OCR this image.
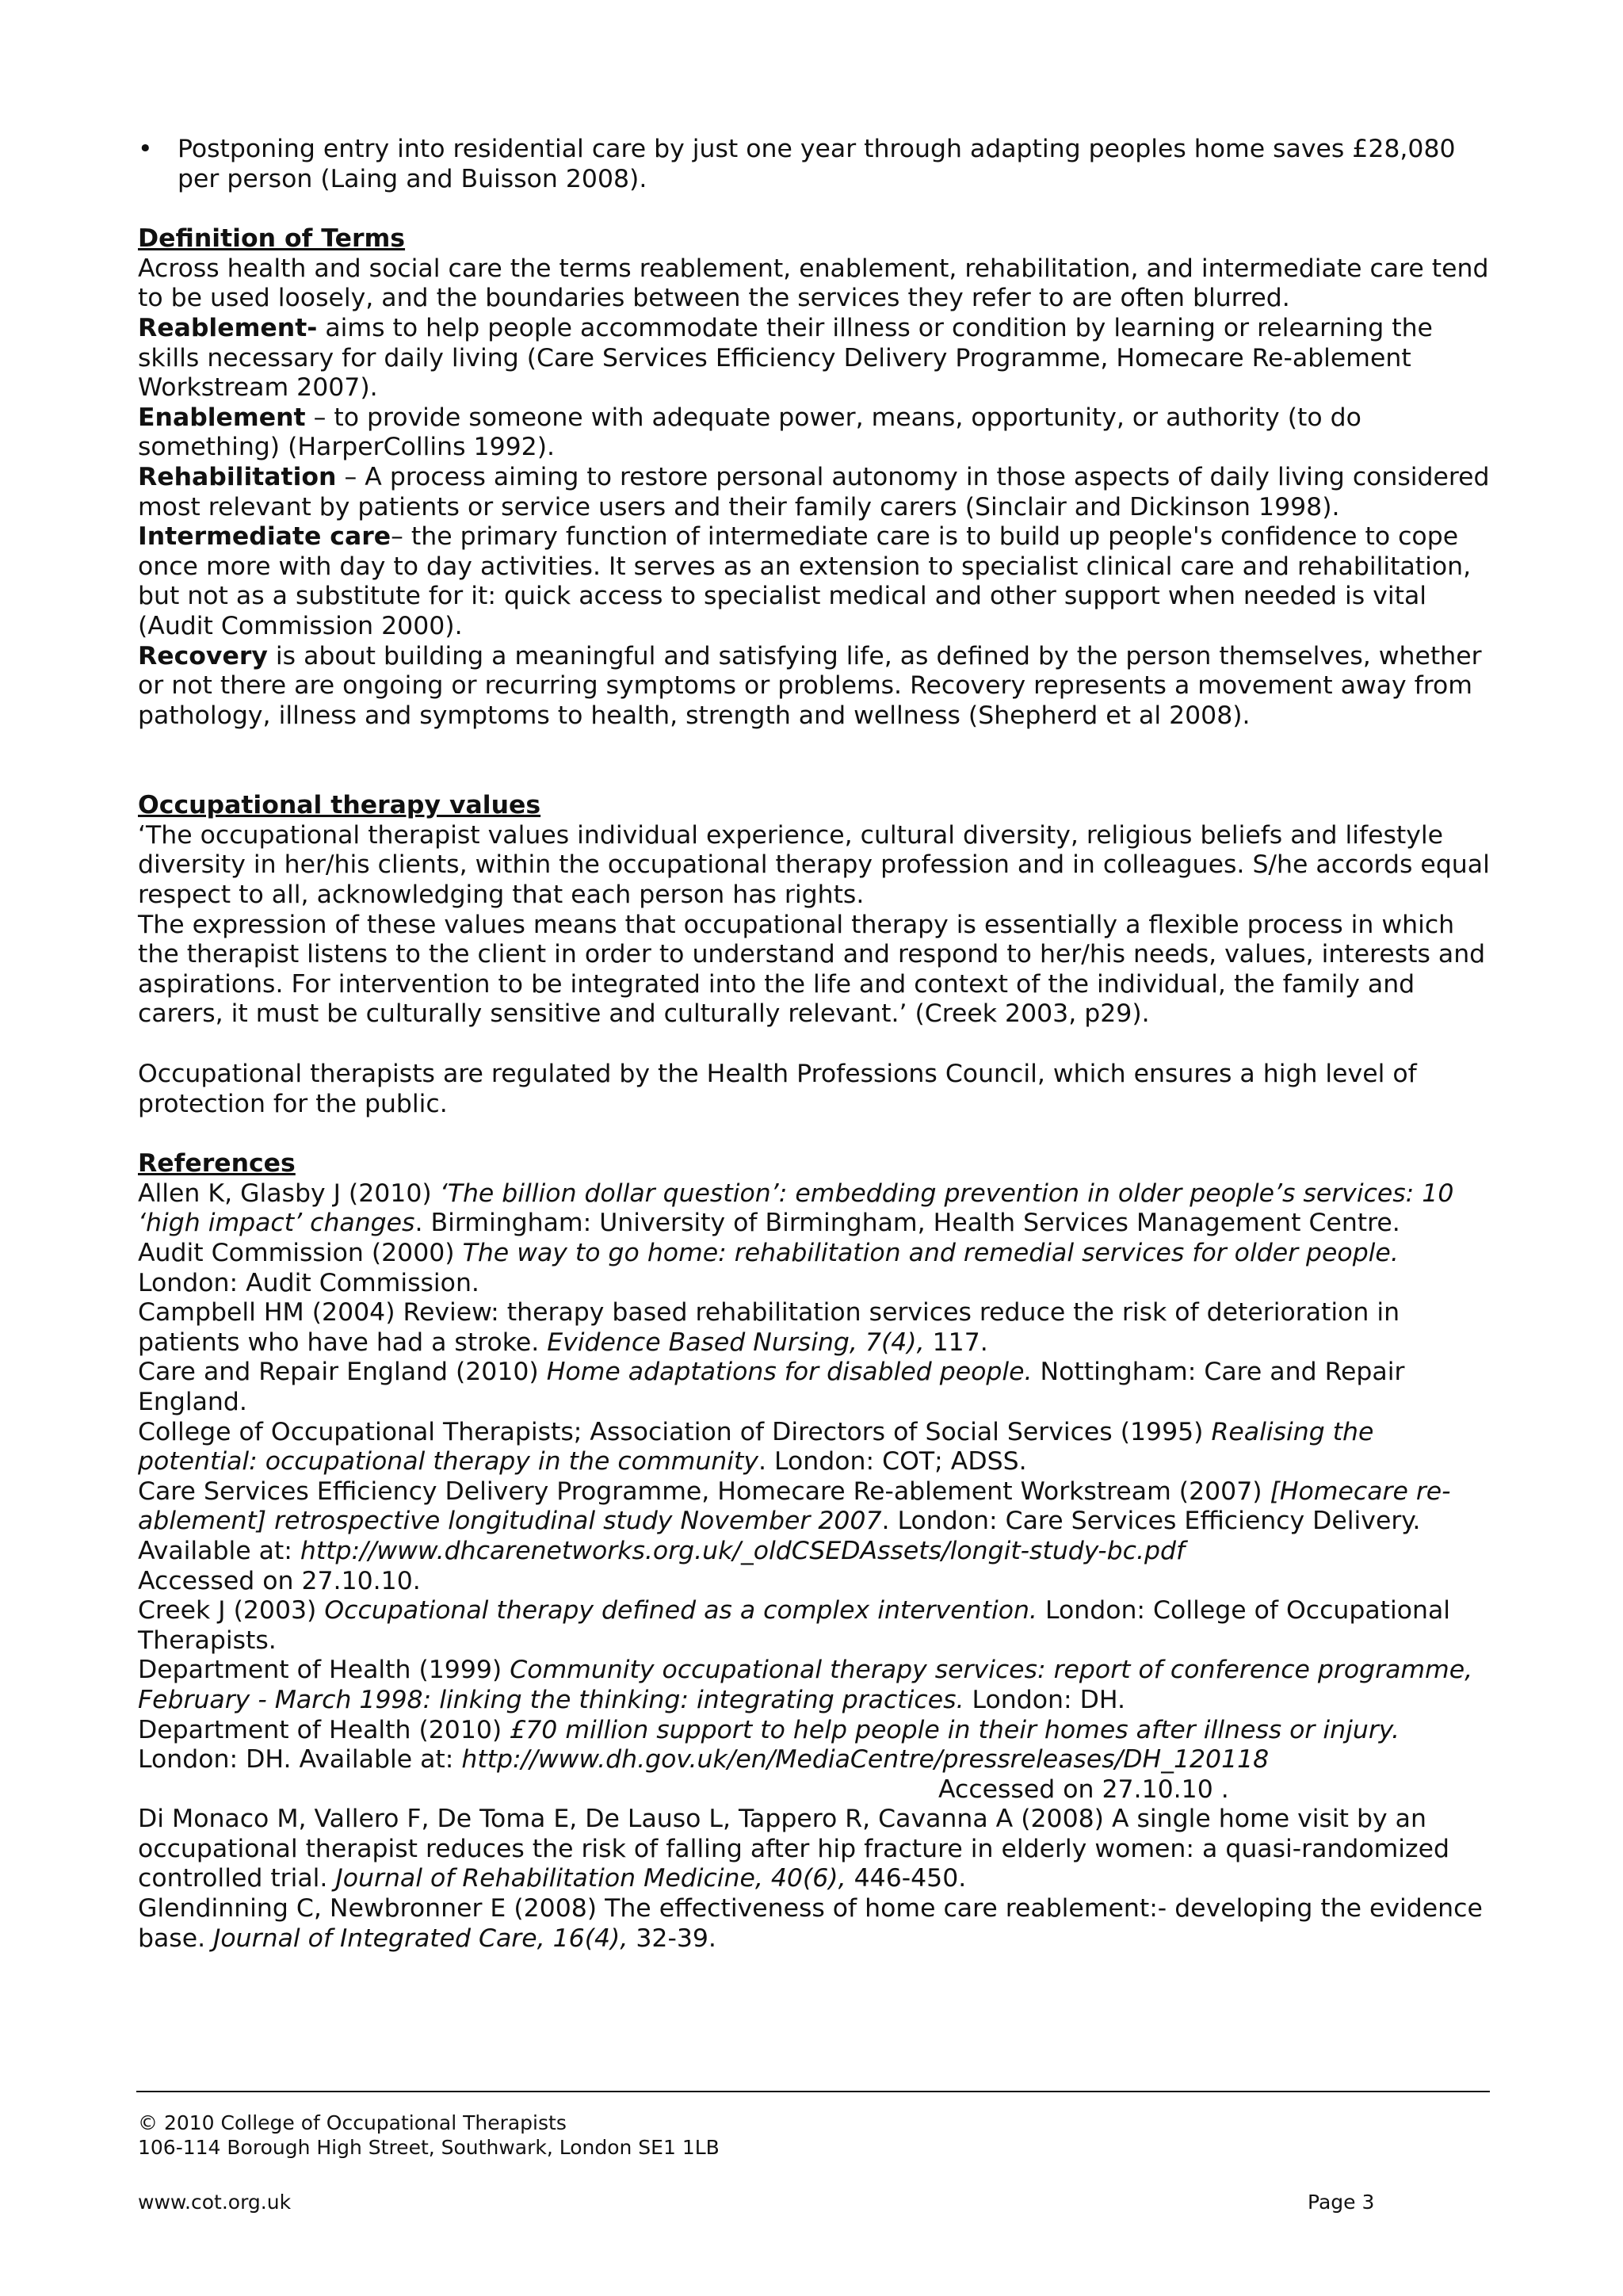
• Postponing entry into residential care by just one year through adapting peoples home saves £28,080 per person (Laing and Buisson 2008).
Definition of Terms

Across health and social care the terms reablement, enablement, rehabilitation, and intermediate care tend to be used loosely, and the boundaries between the services they refer to are often blurred.

Reablement- aims to help people accommodate their illness or condition by learning or relearning the skills necessary for daily living (Care Services Efficiency Delivery Programme, Homecare Re-ablement Workstream 2007).

Enablement – to provide someone with adequate power, means, opportunity, or authority (to do something) (HarperCollins 1992).

Rehabilitation – A process aiming to restore personal autonomy in those aspects of daily living considered most relevant by patients or service users and their family carers (Sinclair and Dickinson 1998).

Intermediate care– the primary function of intermediate care is to build up people's confidence to cope once more with day to day activities. It serves as an extension to specialist clinical care and rehabilitation, but not as a substitute for it: quick access to specialist medical and other support when needed is vital (Audit Commission 2000).

Recovery is about building a meaningful and satisfying life, as defined by the person themselves, whether or not there are ongoing or recurring symptoms or problems. Recovery represents a movement away from pathology, illness and symptoms to health, strength and wellness (Shepherd et al 2008).

Occupational therapy values

‘The occupational therapist values individual experience, cultural diversity, religious beliefs and lifestyle diversity in her/his clients, within the occupational therapy profession and in colleagues. S/he accords equal respect to all, acknowledging that each person has rights.

The expression of these values means that occupational therapy is essentially a flexible process in which the therapist listens to the client in order to understand and respond to her/his needs, values, interests and aspirations. For intervention to be integrated into the life and context of the individual, the family and carers, it must be culturally sensitive and culturally relevant.’ (Creek 2003, p29).

Occupational therapists are regulated by the Health Professions Council, which ensures a high level of protection for the public.

References

Allen K, Glasby J (2010) ‘The billion dollar question’: embedding prevention in older people’s services: 10 ‘high impact’ changes. Birmingham: University of Birmingham, Health Services Management Centre.

Audit Commission (2000) The way to go home: rehabilitation and remedial services for older people. London: Audit Commission.

Campbell HM (2004) Review: therapy based rehabilitation services reduce the risk of deterioration in patients who have had a stroke. Evidence Based Nursing, 7(4), 117.

Care and Repair England (2010) Home adaptations for disabled people. Nottingham: Care and Repair England.

College of Occupational Therapists; Association of Directors of Social Services (1995) Realising the potential: occupational therapy in the community. London: COT; ADSS.

Care Services Efficiency Delivery Programme, Homecare Re-ablement Workstream (2007) [Homecare re-ablement] retrospective longitudinal study November 2007. London: Care Services Efficiency Delivery.

Available at: http://www.dhcarenetworks.org.uk/_oldCSEDAssets/longit-study-bc.pdf

Accessed on 27.10.10.

Creek J (2003) Occupational therapy defined as a complex intervention. London: College of Occupational Therapists.

Department of Health (1999) Community occupational therapy services: report of conference programme, February - March 1998: linking the thinking: integrating practices. London: DH.

Department of Health (2010) £70 million support to help people in their homes after illness or injury.

London: DH. Available at: http://www.dh.gov.uk/en/MediaCentre/pressreleases/DH_120118

Accessed on 27.10.10 .

Di Monaco M, Vallero F, De Toma E, De Lauso L, Tappero R, Cavanna A (2008) A single home visit by an occupational therapist reduces the risk of falling after hip fracture in elderly women: a quasi-randomized controlled trial. Journal of Rehabilitation Medicine, 40(6), 446-450.

Glendinning C, Newbronner E (2008) The effectiveness of home care reablement:- developing the evidence base. Journal of Integrated Care, 16(4), 32-39.

© 2010 College of Occupational Therapists
106-114 Borough High Street, Southwark, London SE1 1LB
www.cot.org.uk	Page 3
